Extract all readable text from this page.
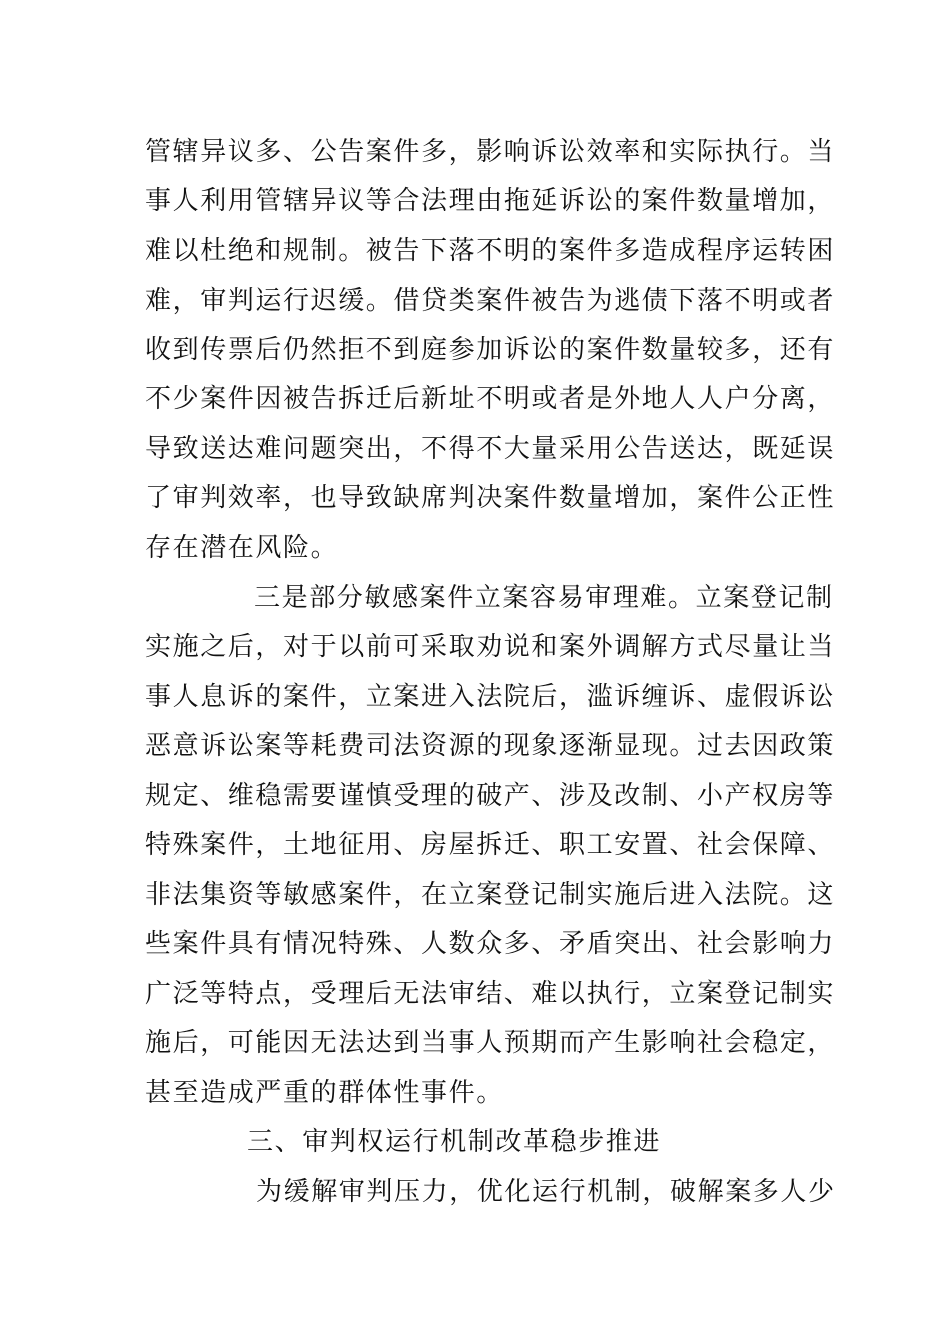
管辖异议多、公告案件多，影响诉讼效率和实际执行。当
事人利用管辖异议等合法理由拖延诉讼的案件数量增加，
难以杜绝和规制。被告下落不明的案件多造成程序运转困
难，审判运行迟缓。借贷类案件被告为逃债下落不明或者
收到传票后仍然拒不到庭参加诉讼的案件数量较多，还有
不少案件因被告拆迁后新址不明或者是外地人人户分离，
导致送达难问题突出，不得不大量采用公告送达，既延误
了审判效率，也导致缺席判决案件数量增加，案件公正性
存在潜在风险。
三是部分敏感案件立案容易审理难。立案登记制
实施之后，对于以前可采取劝说和案外调解方式尽量让当
事人息诉的案件，立案进入法院后，滥诉缠诉、虚假诉讼
恶意诉讼案等耗费司法资源的现象逐渐显现。过去因政策
规定、维稳需要谨慎受理的破产、涉及改制、小产权房等
特殊案件，土地征用、房屋拆迁、职工安置、社会保障、
非法集资等敏感案件，在立案登记制实施后进入法院。这
些案件具有情况特殊、人数众多、矛盾突出、社会影响力
广泛等特点，受理后无法审结、难以执行，立案登记制实
施后，可能因无法达到当事人预期而产生影响社会稳定，
甚至造成严重的群体性事件。
三、审判权运行机制改革稳步推进
为缓解审判压力，优化运行机制，破解案多人少
